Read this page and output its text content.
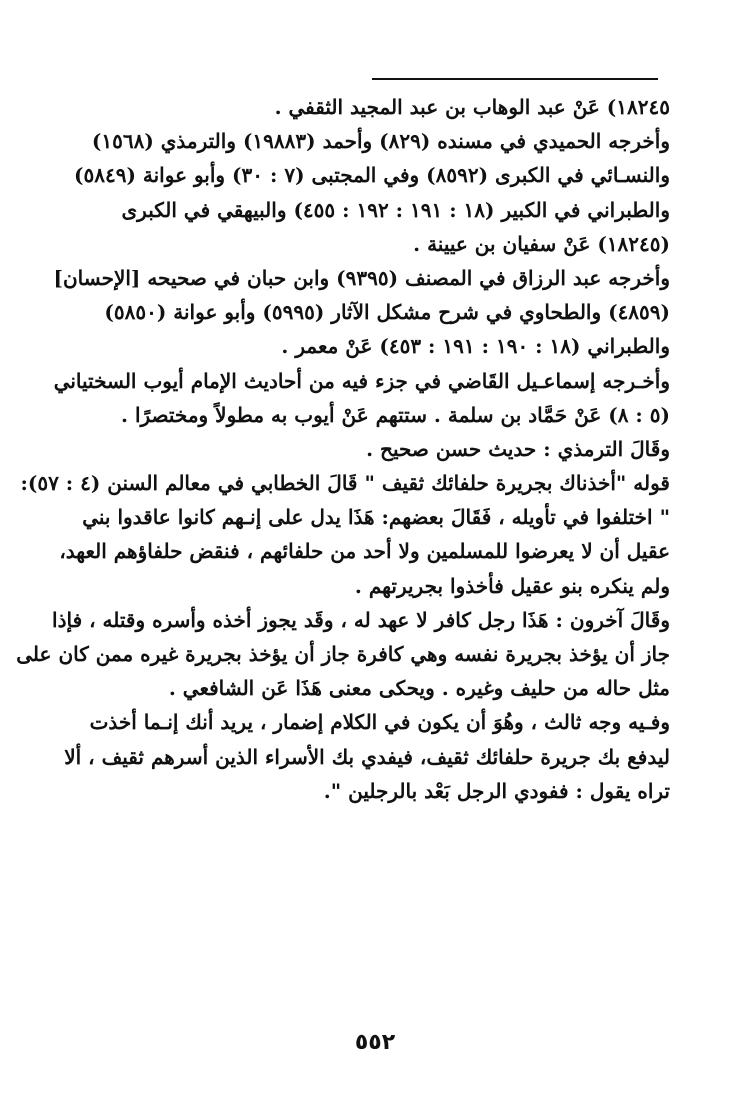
١٨٢٤٥) عَنْ عبد الوهاب بن عبد المجيد الثقفي .
وأخرجه الحميدي في مسنده (٨٢٩) وأحمد (١٩٨٨٣) والترمذي (١٥٦٨)
والنسـائي في الكبرى (٨٥٩٢) وفي المجتبى (٧ : ٣٠) وأبو عوانة (٥٨٤٩)
والطبراني في الكبير (١٨ : ١٩١ : ١٩٢ : ٤٥٥) والبيهقي في الكبرى
(١٨٢٤٥) عَنْ سفيان بن عيينة .
وأخرجه عبد الرزاق في المصنف (٩٣٩٥) وابن حبان في صحيحه [الإحسان]
(٤٨٥٩) والطحاوي في شرح مشكل الآثار (٥٩٩٥) وأبو عوانة (٥٨٥٠)
والطبراني (١٨ : ١٩٠ : ١٩١ : ٤٥٣) عَنْ معمر .
وأخـرجه إسماعـيل القَاضي في جزء فيه من أحاديث الإمام أيوب السختياني
(٥ : ٨) عَنْ حَمَّاد بن سلمة . ستتهم عَنْ أيوب به مطولاً ومختصرًا .
وقَالَ الترمذي : حديث حسن صحيح .
قوله "أخذناك بجريرة حلفائك ثقيف " قَالَ الخطابي في معالم السنن (٤ : ٥٧):
" اختلفوا في تأويله ، فَقَالَ بعضهم: هَذَا يدل على إنـهم كانوا عاقدوا بني
عقيل أن لا يعرضوا للمسلمين ولا أحد من حلفائهم ، فنقض حلفاؤهم العهد،
ولم ينكره بنو عقيل فأخذوا بجريرتهم .
وقَالَ آخرون : هَذَا رجل كافر لا عهد له ، وقَد يجوز أخذه وأسره وقتله ، فإذا
جاز أن يؤخذ بجريرة نفسه وهي كافرة جاز أن يؤخذ بجريرة غيره ممن كان على
مثل حاله من حليف وغيره . ويحكى معنى هَذَا عَن الشافعي .
وفـيه وجه ثالث ، وهُوَ أن يكون في الكلام إضمار ، يريد أنك إنـما أخذت
ليدفع بك جريرة حلفائك ثقيف، فيفدي بك الأسراء الذين أسرهم ثقيف ، ألا
تراه يقول : ففودي الرجل بَعْد بالرجلين ".
٥٥٢
